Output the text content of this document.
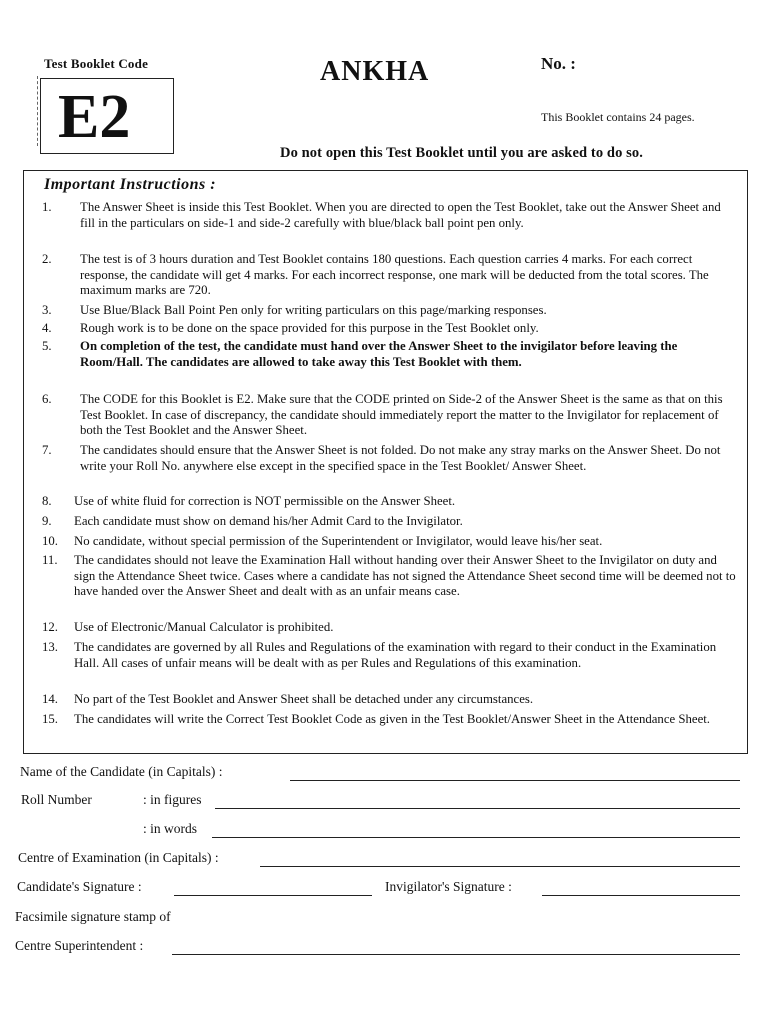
Test Booklet Code
E2
ANKHA	No. :
This Booklet contains 24 pages.
Do not open this Test Booklet until you are asked to do so.
Important Instructions :
1.	The Answer Sheet is inside this Test Booklet. When you are directed to open the Test Booklet, take out the Answer Sheet and fill in the particulars on side-1 and side-2 carefully with blue/black ball point pen only.
2.	The test is of 3 hours duration and Test Booklet contains 180 questions. Each question carries 4 marks. For each correct response, the candidate will get 4 marks. For each incorrect response, one mark will be deducted from the total scores. The maximum marks are 720.
3.	Use Blue/Black Ball Point Pen only for writing particulars on this page/marking responses.
4.	Rough work is to be done on the space provided for this purpose in the Test Booklet only.
5.	On completion of the test, the candidate must hand over the Answer Sheet to the invigilator before leaving the Room/Hall. The candidates are allowed to take away this Test Booklet with them.
6.	The CODE for this Booklet is E2. Make sure that the CODE printed on Side-2 of the Answer Sheet is the same as that on this Test Booklet. In case of discrepancy, the candidate should immediately report the matter to the Invigilator for replacement of both the Test Booklet and the Answer Sheet.
7.	The candidates should ensure that the Answer Sheet is not folded. Do not make any stray marks on the Answer Sheet. Do not write your Roll No. anywhere else except in the specified space in the Test Booklet/ Answer Sheet.
8.	Use of white fluid for correction is NOT permissible on the Answer Sheet.
9.	Each candidate must show on demand his/her Admit Card to the Invigilator.
10.	No candidate, without special permission of the Superintendent or Invigilator, would leave his/her seat.
11.	The candidates should not leave the Examination Hall without handing over their Answer Sheet to the Invigilator on duty and sign the Attendance Sheet twice. Cases where a candidate has not signed the Attendance Sheet second time will be deemed not to have handed over the Answer Sheet and dealt with as an unfair means case.
12.	Use of Electronic/Manual Calculator is prohibited.
13.	The candidates are governed by all Rules and Regulations of the examination with regard to their conduct in the Examination Hall. All cases of unfair means will be dealt with as per Rules and Regulations of this examination.
14.	No part of the Test Booklet and Answer Sheet shall be detached under any circumstances.
15.	The candidates will write the Correct Test Booklet Code as given in the Test Booklet/Answer Sheet in the Attendance Sheet.
Name of the Candidate (in Capitals) :
Roll Number	: in figures
: in words
Centre of Examination (in Capitals) :
Candidate's Signature :	Invigilator's Signature :
Facsimile signature stamp of
Centre Superintendent :
